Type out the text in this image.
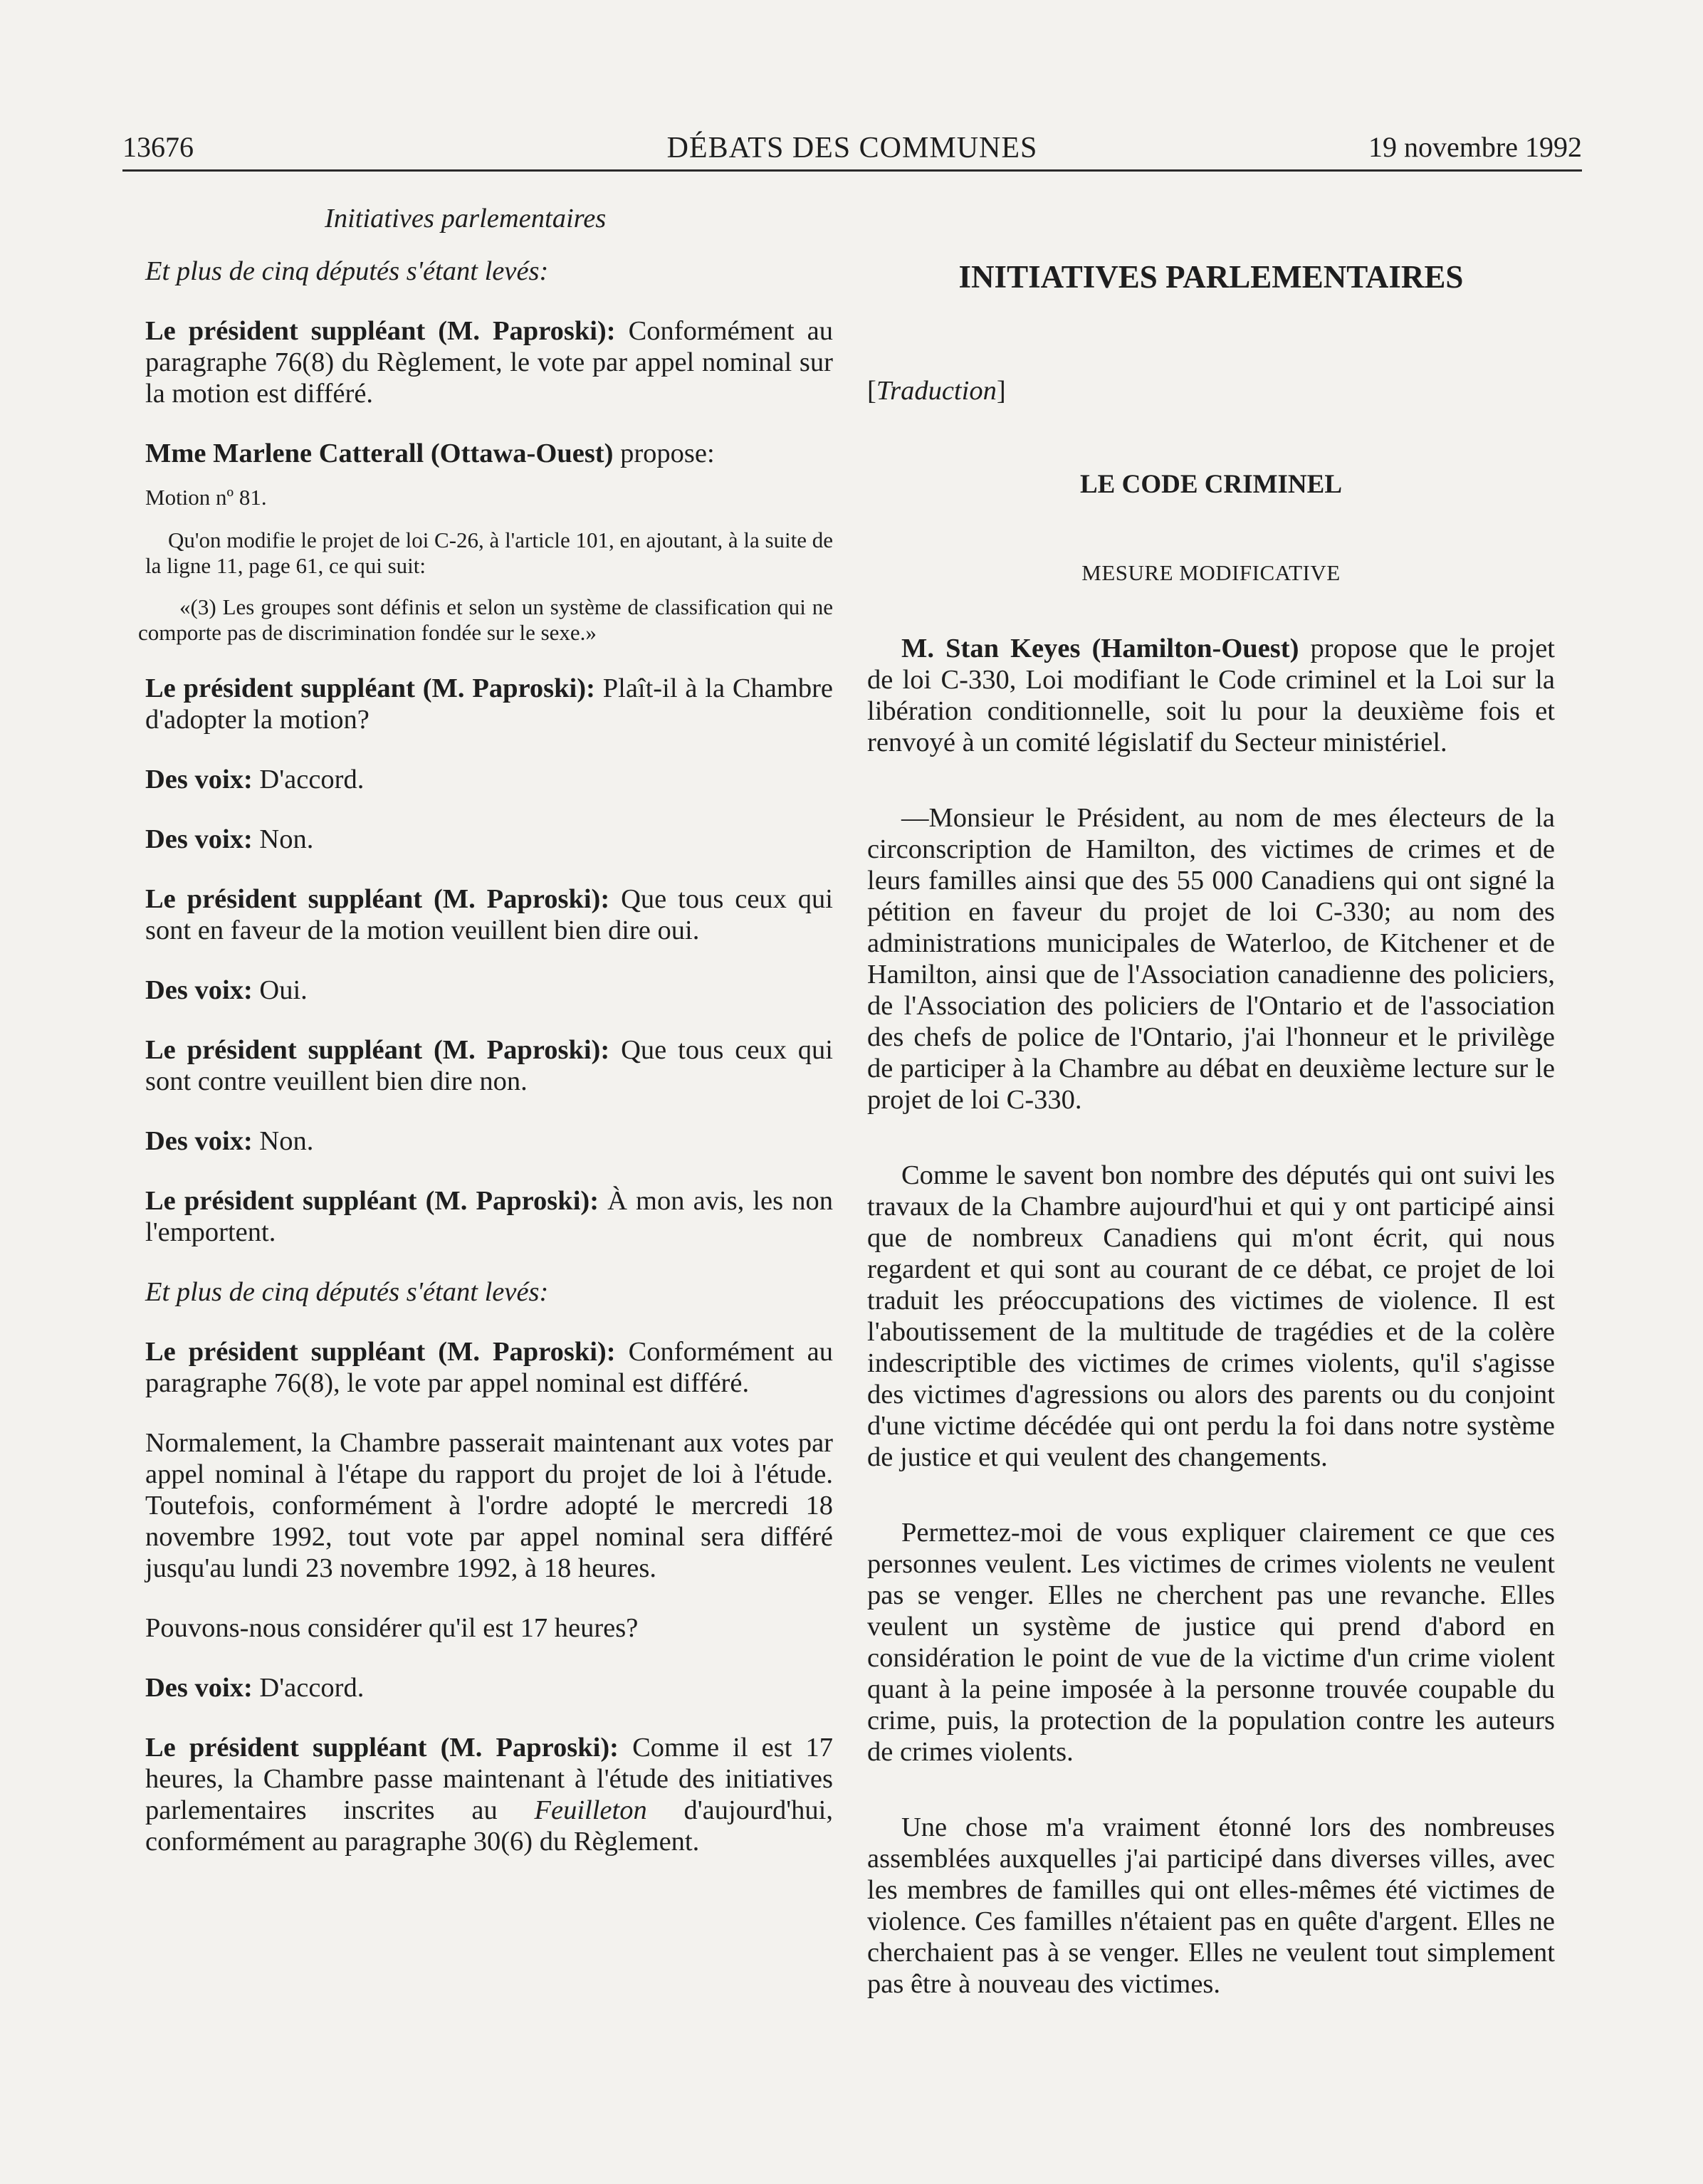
13676	DÉBATS DES COMMUNES	19 novembre 1992

Initiatives parlementaires

Et plus de cinq députés s'étant levés:

Le président suppléant (M. Paproski): Conformément au paragraphe 76(8) du Règlement, le vote par appel nominal sur la motion est différé.

Mme Marlene Catterall (Ottawa-Ouest) propose:

Motion nº 81.

Qu'on modifie le projet de loi C-26, à l'article 101, en ajoutant, à la suite de la ligne 11, page 61, ce qui suit:

«(3) Les groupes sont définis et selon un système de classification qui ne comporte pas de discrimination fondée sur le sexe.»

Le président suppléant (M. Paproski): Plaît-il à la Chambre d'adopter la motion?

Des voix: D'accord.

Des voix: Non.

Le président suppléant (M. Paproski): Que tous ceux qui sont en faveur de la motion veuillent bien dire oui.

Des voix: Oui.

Le président suppléant (M. Paproski): Que tous ceux qui sont contre veuillent bien dire non.

Des voix: Non.

Le président suppléant (M. Paproski): À mon avis, les non l'emportent.

Et plus de cinq députés s'étant levés:

Le président suppléant (M. Paproski): Conformément au paragraphe 76(8), le vote par appel nominal est différé.

Normalement, la Chambre passerait maintenant aux votes par appel nominal à l'étape du rapport du projet de loi à l'étude. Toutefois, conformément à l'ordre adopté le mercredi 18 novembre 1992, tout vote par appel nominal sera différé jusqu'au lundi 23 novembre 1992, à 18 heures.

Pouvons-nous considérer qu'il est 17 heures?

Des voix: D'accord.

Le président suppléant (M. Paproski): Comme il est 17 heures, la Chambre passe maintenant à l'étude des initiatives parlementaires inscrites au Feuilleton d'aujourd'hui, conformément au paragraphe 30(6) du Règlement.

INITIATIVES PARLEMENTAIRES

[Traduction]

LE CODE CRIMINEL

MESURE MODIFICATIVE

M. Stan Keyes (Hamilton-Ouest) propose que le projet de loi C-330, Loi modifiant le Code criminel et la Loi sur la libération conditionnelle, soit lu pour la deuxième fois et renvoyé à un comité législatif du Secteur ministériel.

—Monsieur le Président, au nom de mes électeurs de la circonscription de Hamilton, des victimes de crimes et de leurs familles ainsi que des 55 000 Canadiens qui ont signé la pétition en faveur du projet de loi C-330; au nom des administrations municipales de Waterloo, de Kitchener et de Hamilton, ainsi que de l'Association canadienne des policiers, de l'Association des policiers de l'Ontario et de l'association des chefs de police de l'Ontario, j'ai l'honneur et le privilège de participer à la Chambre au débat en deuxième lecture sur le projet de loi C-330.

Comme le savent bon nombre des députés qui ont suivi les travaux de la Chambre aujourd'hui et qui y ont participé ainsi que de nombreux Canadiens qui m'ont écrit, qui nous regardent et qui sont au courant de ce débat, ce projet de loi traduit les préoccupations des victimes de violence. Il est l'aboutissement de la multitude de tragédies et de la colère indescriptible des victimes de crimes violents, qu'il s'agisse des victimes d'agressions ou alors des parents ou du conjoint d'une victime décédée qui ont perdu la foi dans notre système de justice et qui veulent des changements.

Permettez-moi de vous expliquer clairement ce que ces personnes veulent. Les victimes de crimes violents ne veulent pas se venger. Elles ne cherchent pas une revanche. Elles veulent un système de justice qui prend d'abord en considération le point de vue de la victime d'un crime violent quant à la peine imposée à la personne trouvée coupable du crime, puis, la protection de la population contre les auteurs de crimes violents.

Une chose m'a vraiment étonné lors des nombreuses assemblées auxquelles j'ai participé dans diverses villes, avec les membres de familles qui ont elles-mêmes été victimes de violence. Ces familles n'étaient pas en quête d'argent. Elles ne cherchaient pas à se venger. Elles ne veulent tout simplement pas être à nouveau des victimes.
